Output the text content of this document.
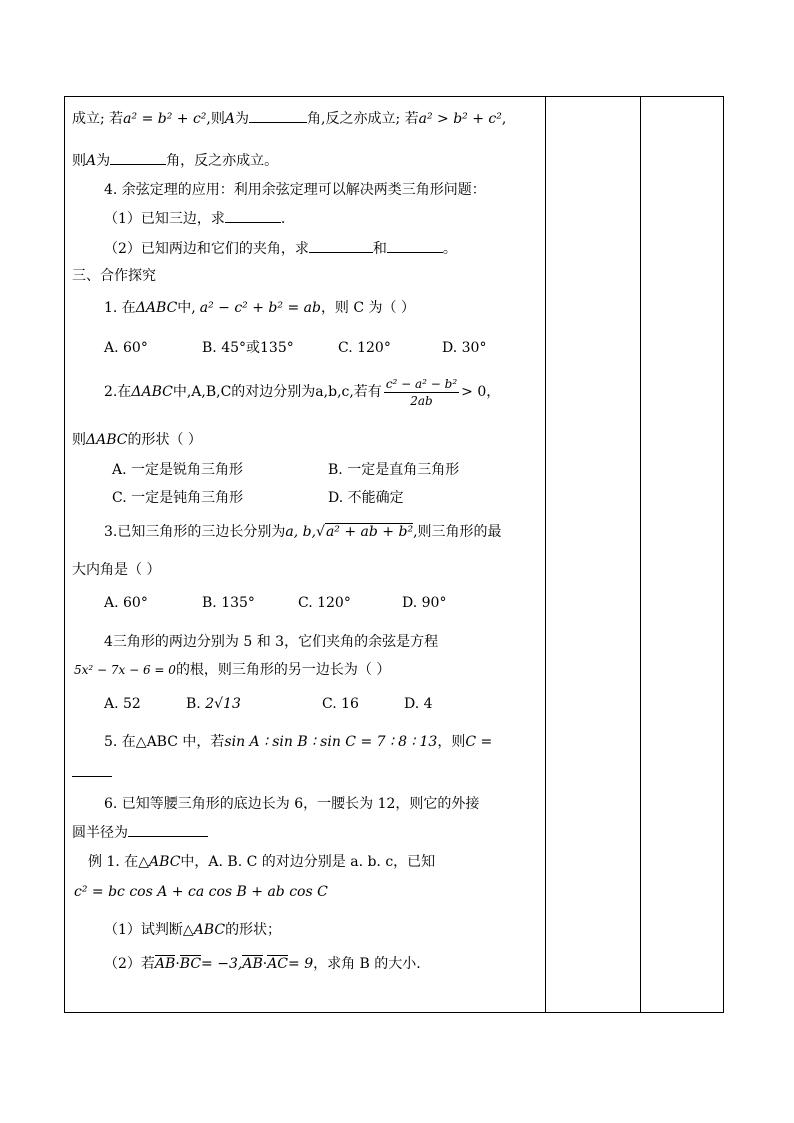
成立; 若a² = b² + c²,则A为	角,反之亦成立; 若a² > b² + c²,
则A为	角，反之亦成立。
4. 余弦定理的应用：利用余弦定理可以解决两类三角形问题：
（1）已知三边，求	.
（2）已知两边和它们的夹角，求	和	。
三、合作探究
1. 在ΔABC中, a² − c² + b² = ab，则 C 为（ ）
A. 60°	B. 45°或135°	C. 120°	D. 30°
2.在ΔABC中,A,B,C的对边分别为a,b,c,若有 $\frac{\text{c² − a² − b²}}{2ab} > 0$，
则ΔABC的形状（ ）
A. 一定是锐角三角形	B. 一定是直角三角形
C. 一定是钝角三角形	D. 不能确定
3.已知三角形的三边长分别为a, b,√a² + ab + b²,则三角形的最
大内角是（ ）
A. 60°	B. 135°	C. 120°	D. 90°
4三角形的两边分别为 5 和 3，它们夹角的余弦是方程
5x² − 7x − 6 = 0的根，则三角形的另一边长为（ ）
A. 52	B. 2√13	C. 16	D. 4
5. 在△ABC 中，若sin A ∶ sin B ∶ sin C = 7 ∶ 8 ∶ 13，则C =
6. 已知等腰三角形的底边长为 6，一腰长为 12，则它的外接
圆半径为
例 1. 在△ABC中，A. B. C 的对边分别是 a. b. c，已知
c² = bc cos A + ca cos B + ab cos C
（1）试判断△ABC的形状；
（2）若AB·BC= −3,AB·AC= 9，求角 B 的大小.
